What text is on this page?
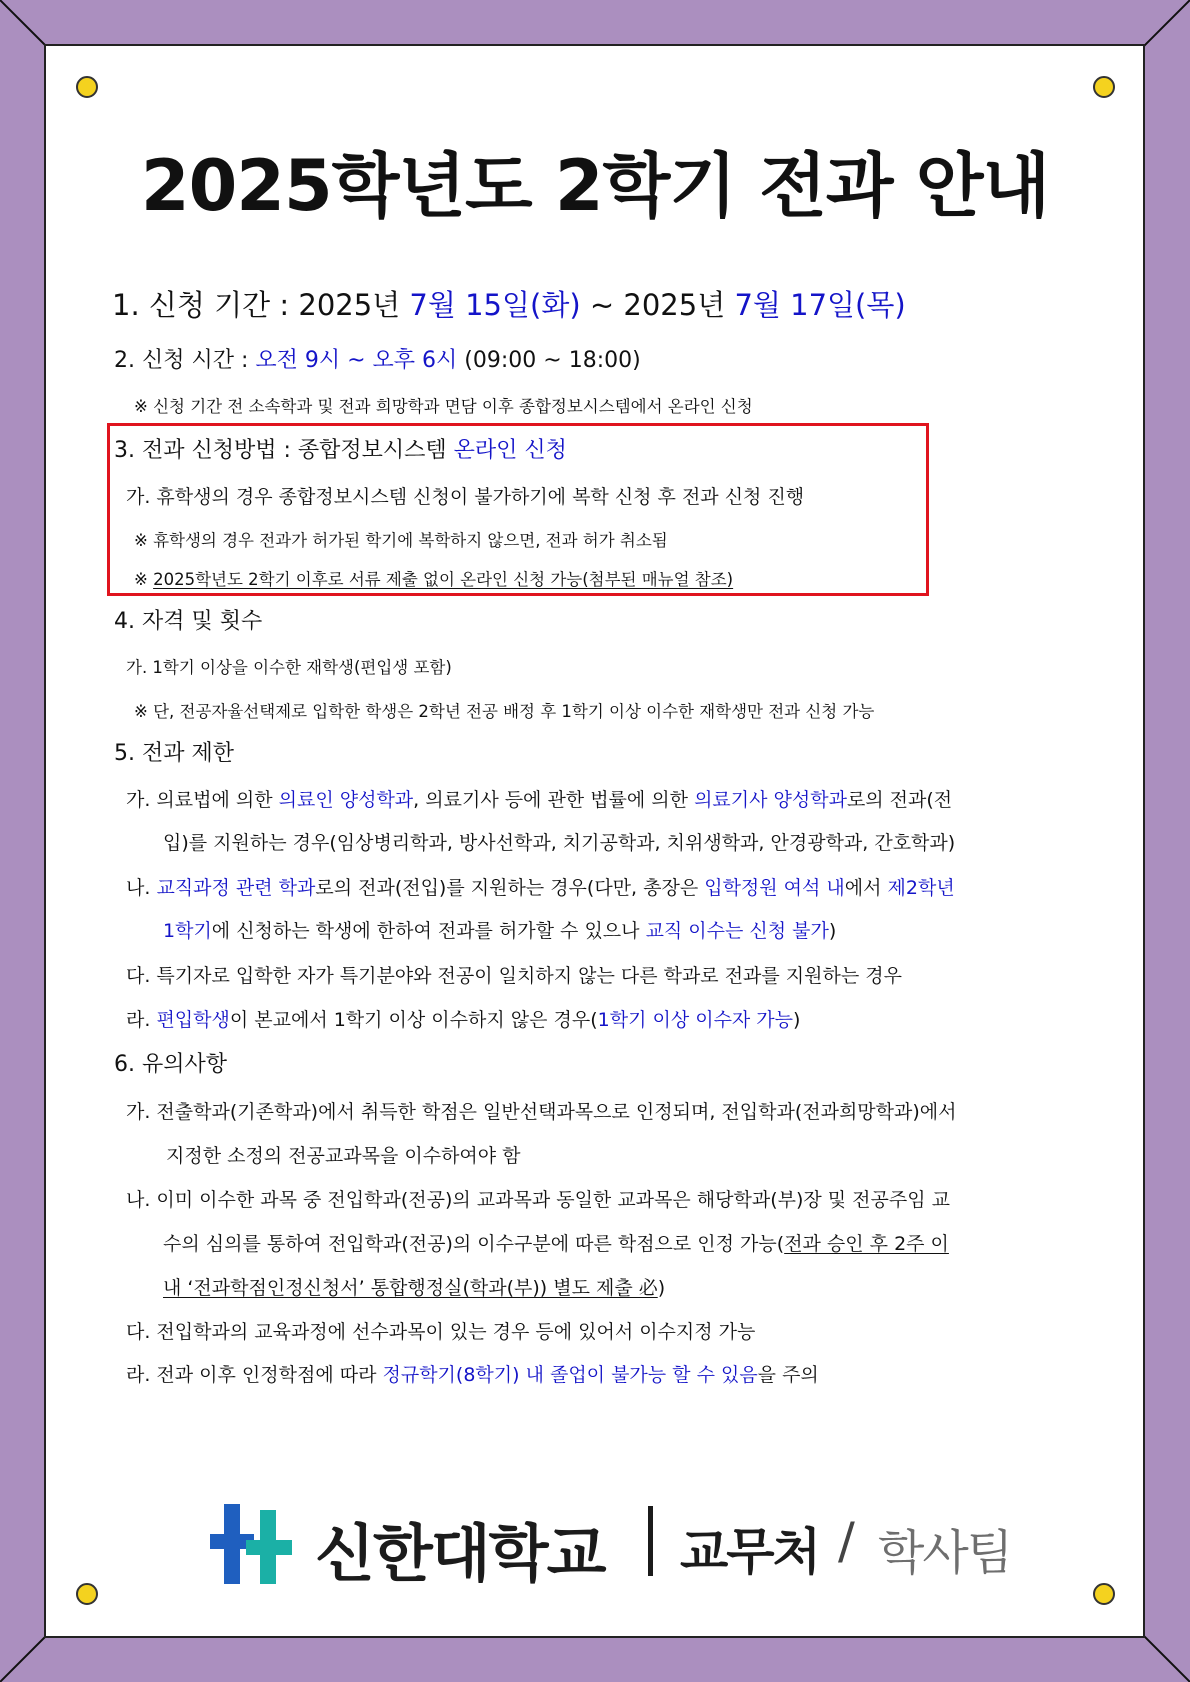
2025학년도 2학기 전과 안내
1. 신청 기간 : 2025년 7월 15일(화) ~ 2025년 7월 17일(목)
2. 신청 시간 : 오전 9시 ~ 오후 6시 (09:00 ~ 18:00)
※ 신청 기간 전 소속학과 및 전과 희망학과 면담 이후 종합정보시스템에서 온라인 신청
3. 전과 신청방법 : 종합정보시스템 온라인 신청
가. 휴학생의 경우 종합정보시스템 신청이 불가하기에 복학 신청 후 전과 신청 진행
※ 휴학생의 경우 전과가 허가된 학기에 복학하지 않으면, 전과 허가 취소됨
※ 2025학년도 2학기 이후로 서류 제출 없이 온라인 신청 가능(첨부된 매뉴얼 참조)
4. 자격 및 횟수
가. 1학기 이상을 이수한 재학생(편입생 포함)
※ 단, 전공자율선택제로 입학한 학생은 2학년 전공 배정 후 1학기 이상 이수한 재학생만 전과 신청 가능
5. 전과 제한
가. 의료법에 의한 의료인 양성학과, 의료기사 등에 관한 법률에 의한 의료기사 양성학과로의 전과(전
입)를 지원하는 경우(임상병리학과, 방사선학과, 치기공학과, 치위생학과, 안경광학과, 간호학과)
나. 교직과정 관련 학과로의 전과(전입)를 지원하는 경우(다만, 총장은 입학정원 여석 내에서 제2학년
1학기에 신청하는 학생에 한하여 전과를 허가할 수 있으나 교직 이수는 신청 불가)
다. 특기자로 입학한 자가 특기분야와 전공이 일치하지 않는 다른 학과로 전과를 지원하는 경우
라. 편입학생이 본교에서 1학기 이상 이수하지 않은 경우(1학기 이상 이수자 가능)
6. 유의사항
가. 전출학과(기존학과)에서 취득한 학점은 일반선택과목으로 인정되며, 전입학과(전과희망학과)에서
지정한 소정의 전공교과목을 이수하여야 함
나. 이미 이수한 과목 중 전입학과(전공)의 교과목과 동일한 교과목은 해당학과(부)장 및 전공주임 교
수의 심의를 통하여 전입학과(전공)의 이수구분에 따른 학점으로 인정 가능(전과 승인 후 2주 이
내 ‘전과학점인정신청서’ 통합행정실(학과(부)) 별도 제출 必)
다. 전입학과의 교육과정에 선수과목이 있는 경우 등에 있어서 이수지정 가능
라. 전과 이후 인정학점에 따라 정규학기(8학기) 내 졸업이 불가능 할 수 있음을 주의
신한대학교 교무처 / 학사팀
